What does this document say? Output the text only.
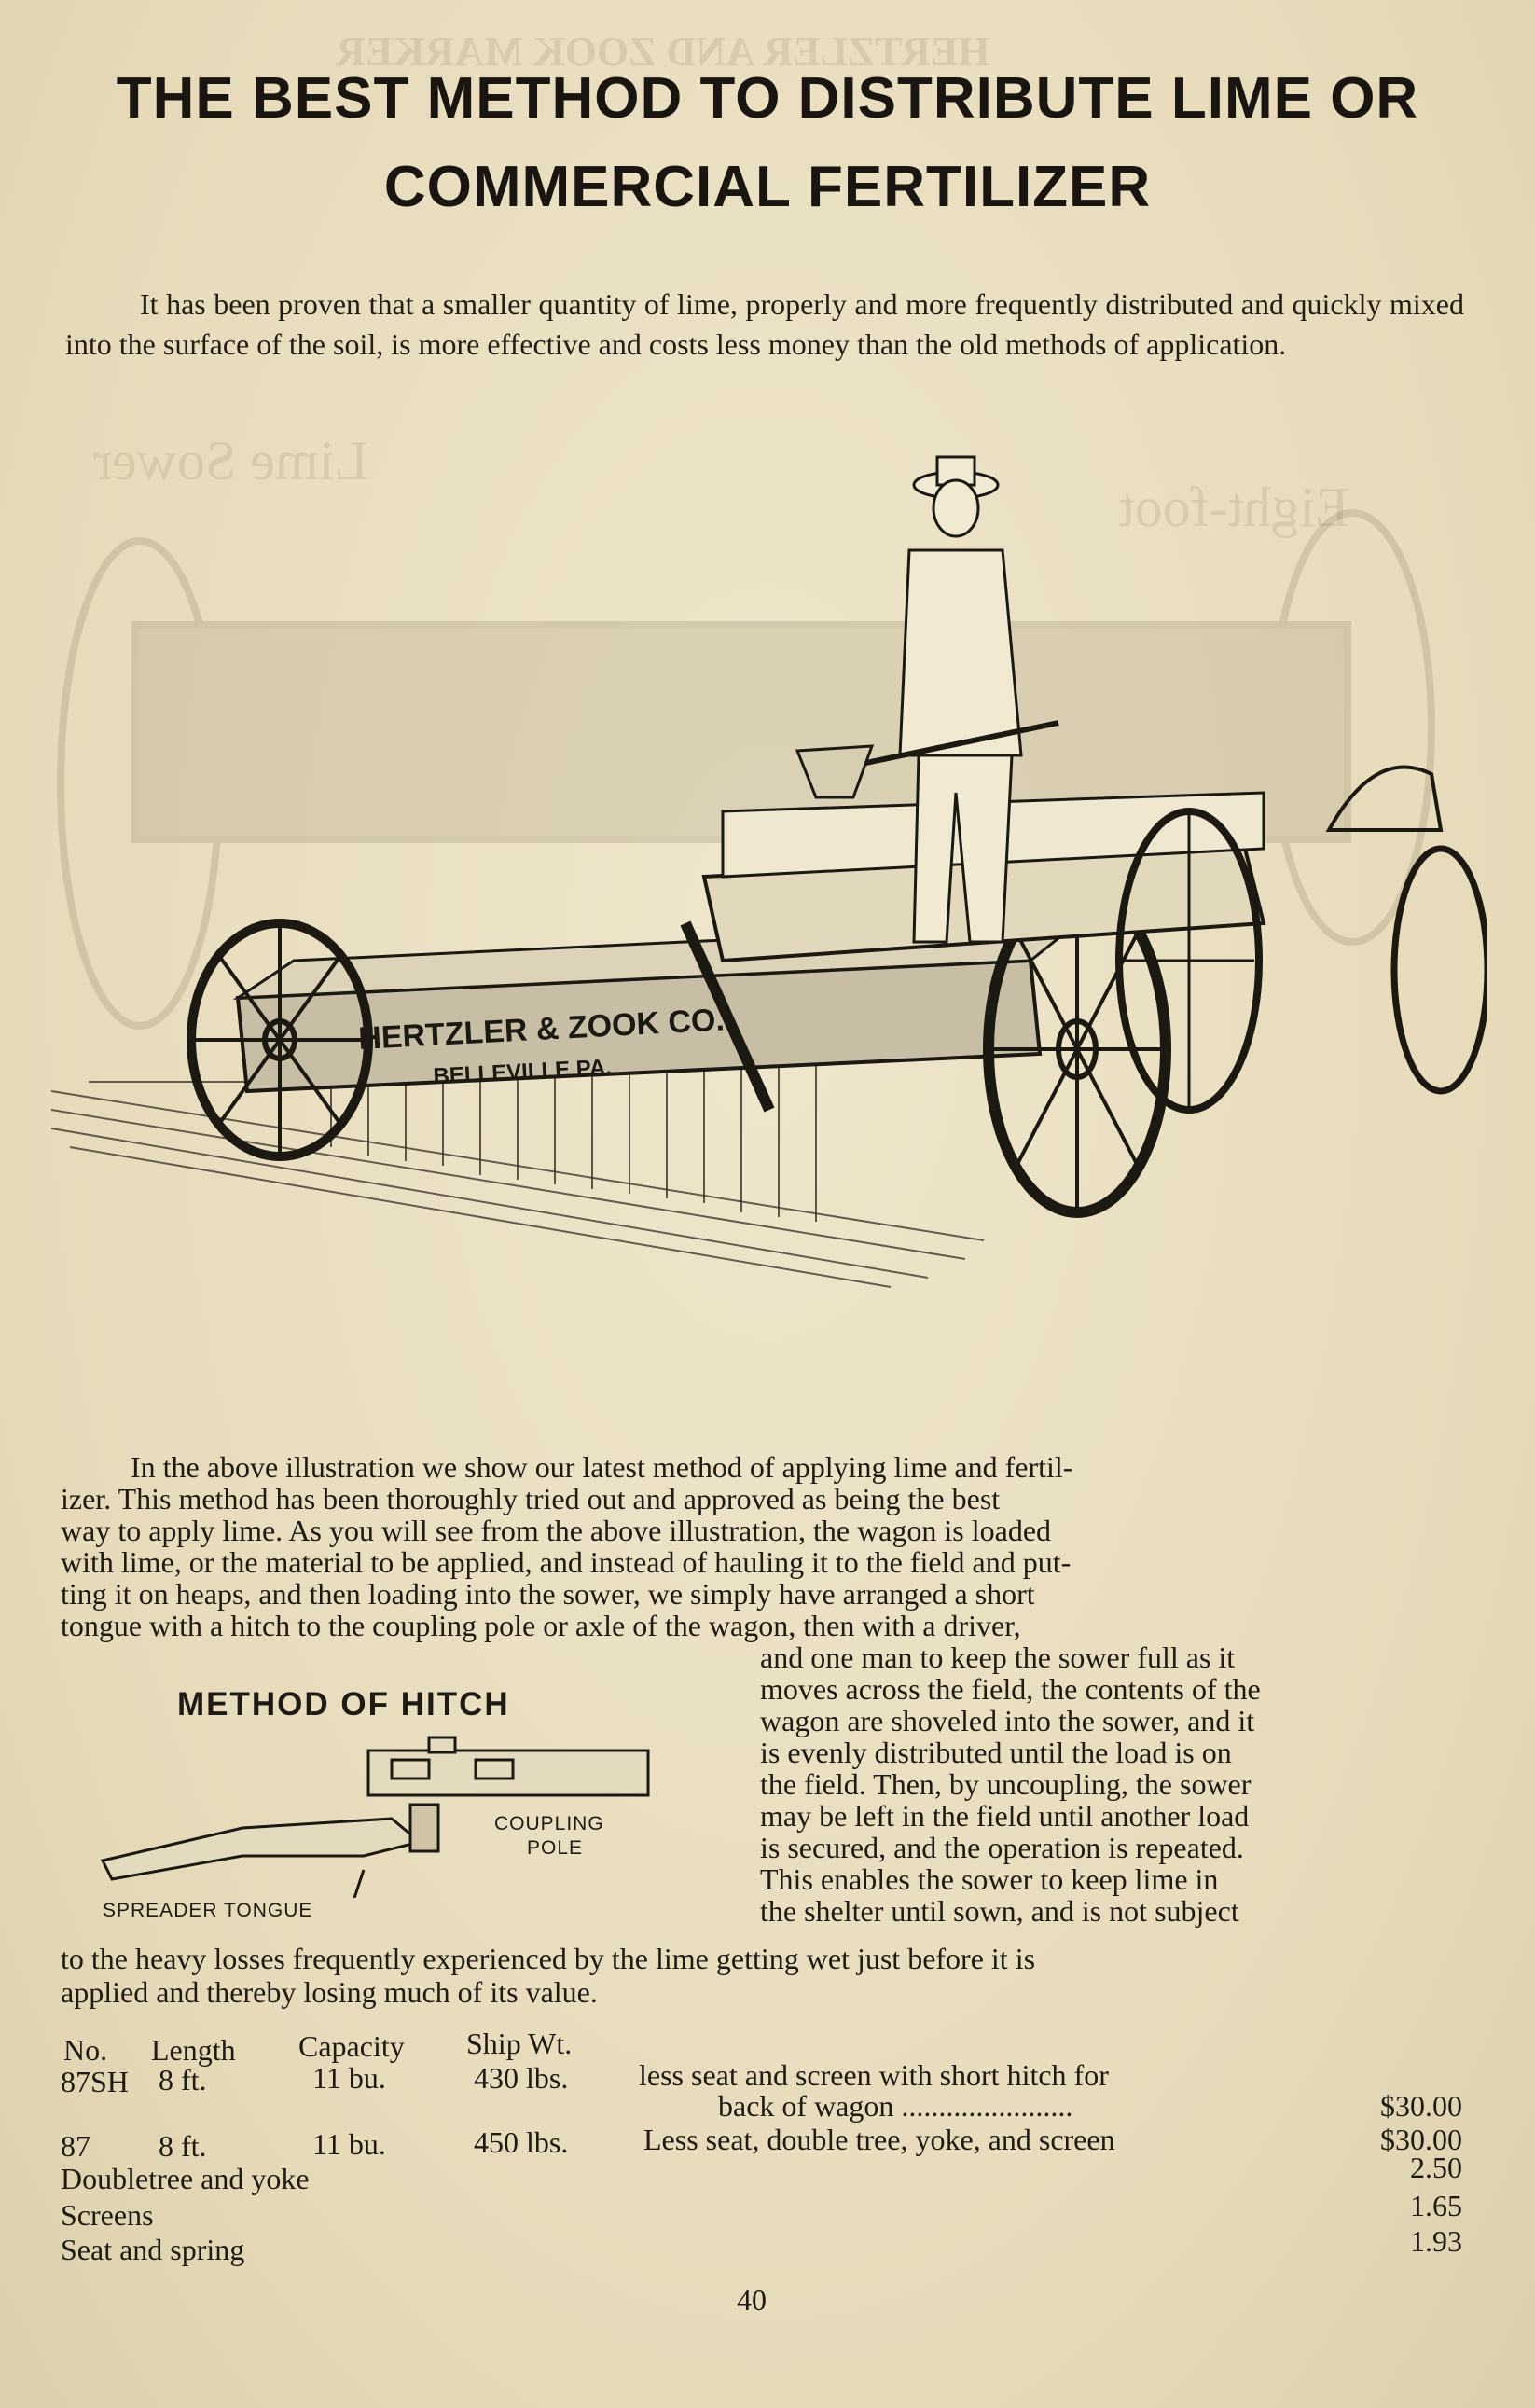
HERTZLER AND ZOOK MARKER
Lime Sower
Eight-foot
THE BEST METHOD TO DISTRIBUTE LIME OR
COMMERCIAL FERTILIZER

It has been proven that a smaller quantity of lime, properly and more frequently distributed and quickly mixed into the surface of the soil, is more effective and costs less money than the old methods of application.

HERTZLER & ZOOK CO.
BELLEVILLE PA.
In the above illustration we show our latest method of applying lime and fertil-
izer. This method has been thoroughly tried out and approved as being the best
way to apply lime. As you will see from the above illustration, the wagon is loaded
with lime, or the material to be applied, and instead of hauling it to the field and put-
ting it on heaps, and then loading into the sower, we simply have arranged a short
tongue with a hitch to the coupling pole or axle of the wagon, then with a driver,
and one man to keep the sower full as it
moves across the field, the contents of the
wagon are shoveled into the sower, and it
is evenly distributed until the load is on
the field. Then, by uncoupling, the sower
may be left in the field until another load
is secured, and the operation is repeated.
This enables the sower to keep lime in
the shelter until sown, and is not subject
METHOD OF HITCH
COUPLING
POLE
SPREADER TONGUE
to the heavy losses frequently experienced by the lime getting wet just before it is
applied and thereby losing much of its value.
No. Length Capacity Ship Wt.
87SH 8 ft.	11 bu.	430 lbs. less seat and screen with short hitch for
back of wagon .......................	$30.00
87 8 ft.	11 bu.	450 lbs.	Less seat, double tree, yoke, and screen	$30.00
Doubletree and yoke	2.50
Screens	1.65
Seat and spring	1.93
40
